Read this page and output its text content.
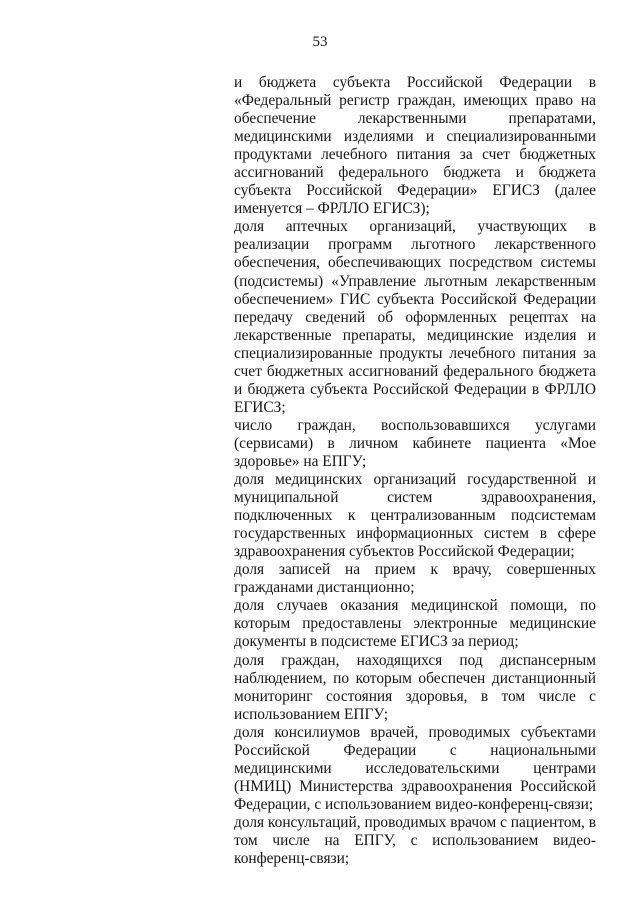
53

и бюджета субъекта Российской Федерации в «Федеральный регистр граждан, имеющих право на обеспечение лекарственными препаратами, медицинскими изделиями и специализированными продуктами лечебного питания за счет бюджетных ассигнований федерального бюджета и бюджета субъекта Российской Федерации» ЕГИСЗ (далее именуется – ФРЛЛО ЕГИСЗ);

доля аптечных организаций, участвующих в реализации программ льготного лекарственного обеспечения, обеспечивающих посредством системы (подсистемы) «Управление льготным лекарственным обеспечением» ГИС субъекта Российской Федерации передачу сведений об оформленных рецептах на лекарственные препараты, медицинские изделия и специализированные продукты лечебного питания за счет бюджетных ассигнований федерального бюджета и бюджета субъекта Российской Федерации в ФРЛЛО ЕГИСЗ;

число граждан, воспользовавшихся услугами (сервисами) в личном кабинете пациента «Мое здоровье» на ЕПГУ;

доля медицинских организаций государственной и муниципальной систем здравоохранения, подключенных к централизованным подсистемам государственных информационных систем в сфере здравоохранения субъектов Российской Федерации;

доля записей на прием к врачу, совершенных гражданами дистанционно;

доля случаев оказания медицинской помощи, по которым предоставлены электронные медицинские документы в подсистеме ЕГИСЗ за период;

доля граждан, находящихся под диспансерным наблюдением, по которым обеспечен дистанционный мониторинг состояния здоровья, в том числе с использованием ЕПГУ;

доля консилиумов врачей, проводимых субъектами Российской Федерации с национальными медицинскими исследовательскими центрами (НМИЦ) Министерства здравоохранения Российской Федерации, с использованием видео-конференц-связи;

доля консультаций, проводимых врачом с пациентом, в том числе на ЕПГУ, с использованием видео-конференц-связи;
